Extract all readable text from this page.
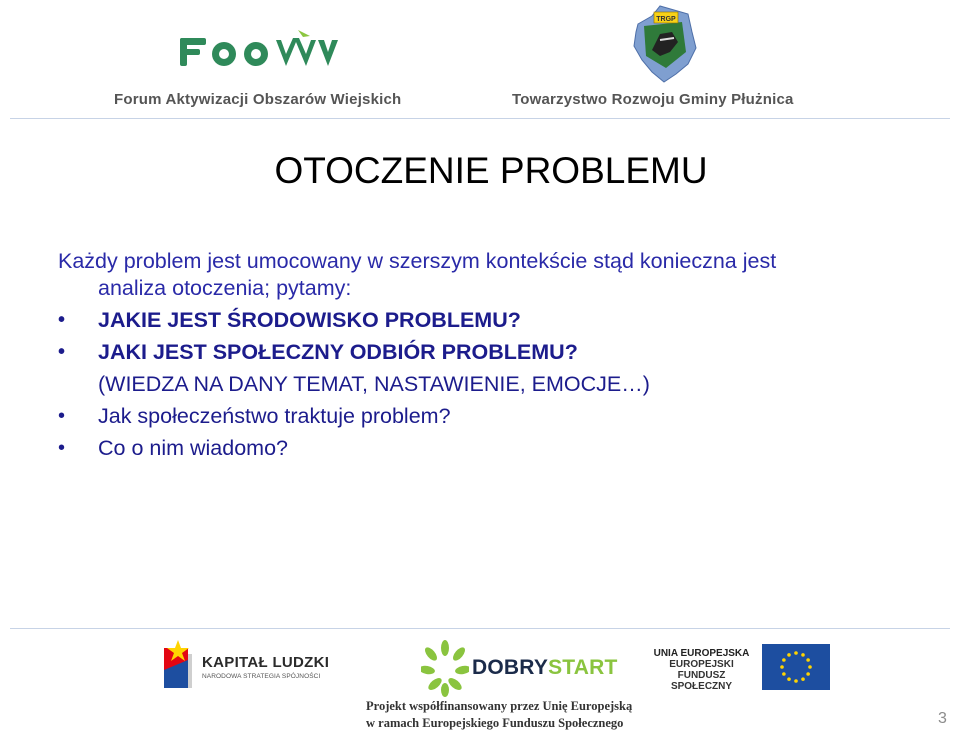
Forum Aktywizacji Obszarów Wiejskich
TRGP
Towarzystwo Rozwoju Gminy Płużnica
OTOCZENIE PROBLEMU
Każdy problem jest umocowany w szerszym kontekście stąd konieczna jest
analiza otoczenia; pytamy:
• JAKIE JEST ŚRODOWISKO PROBLEMU?
• JAKI JEST SPOŁECZNY ODBIÓR PROBLEMU?
(WIEDZA NA DANY TEMAT, NASTAWIENIE, EMOCJE…)
• Jak społeczeństwo traktuje problem?
• Co o nim wiadomo?
KAPITAŁ LUDZKI
NARODOWA STRATEGIA SPÓJNOŚCI	DOBRYSTART
UNIA EUROPEJSKA
EUROPEJSKI
FUNDUSZ SPOŁECZNY
Projekt współfinansowany przez Unię Europejską
w ramach Europejskiego Funduszu Społecznego	3
